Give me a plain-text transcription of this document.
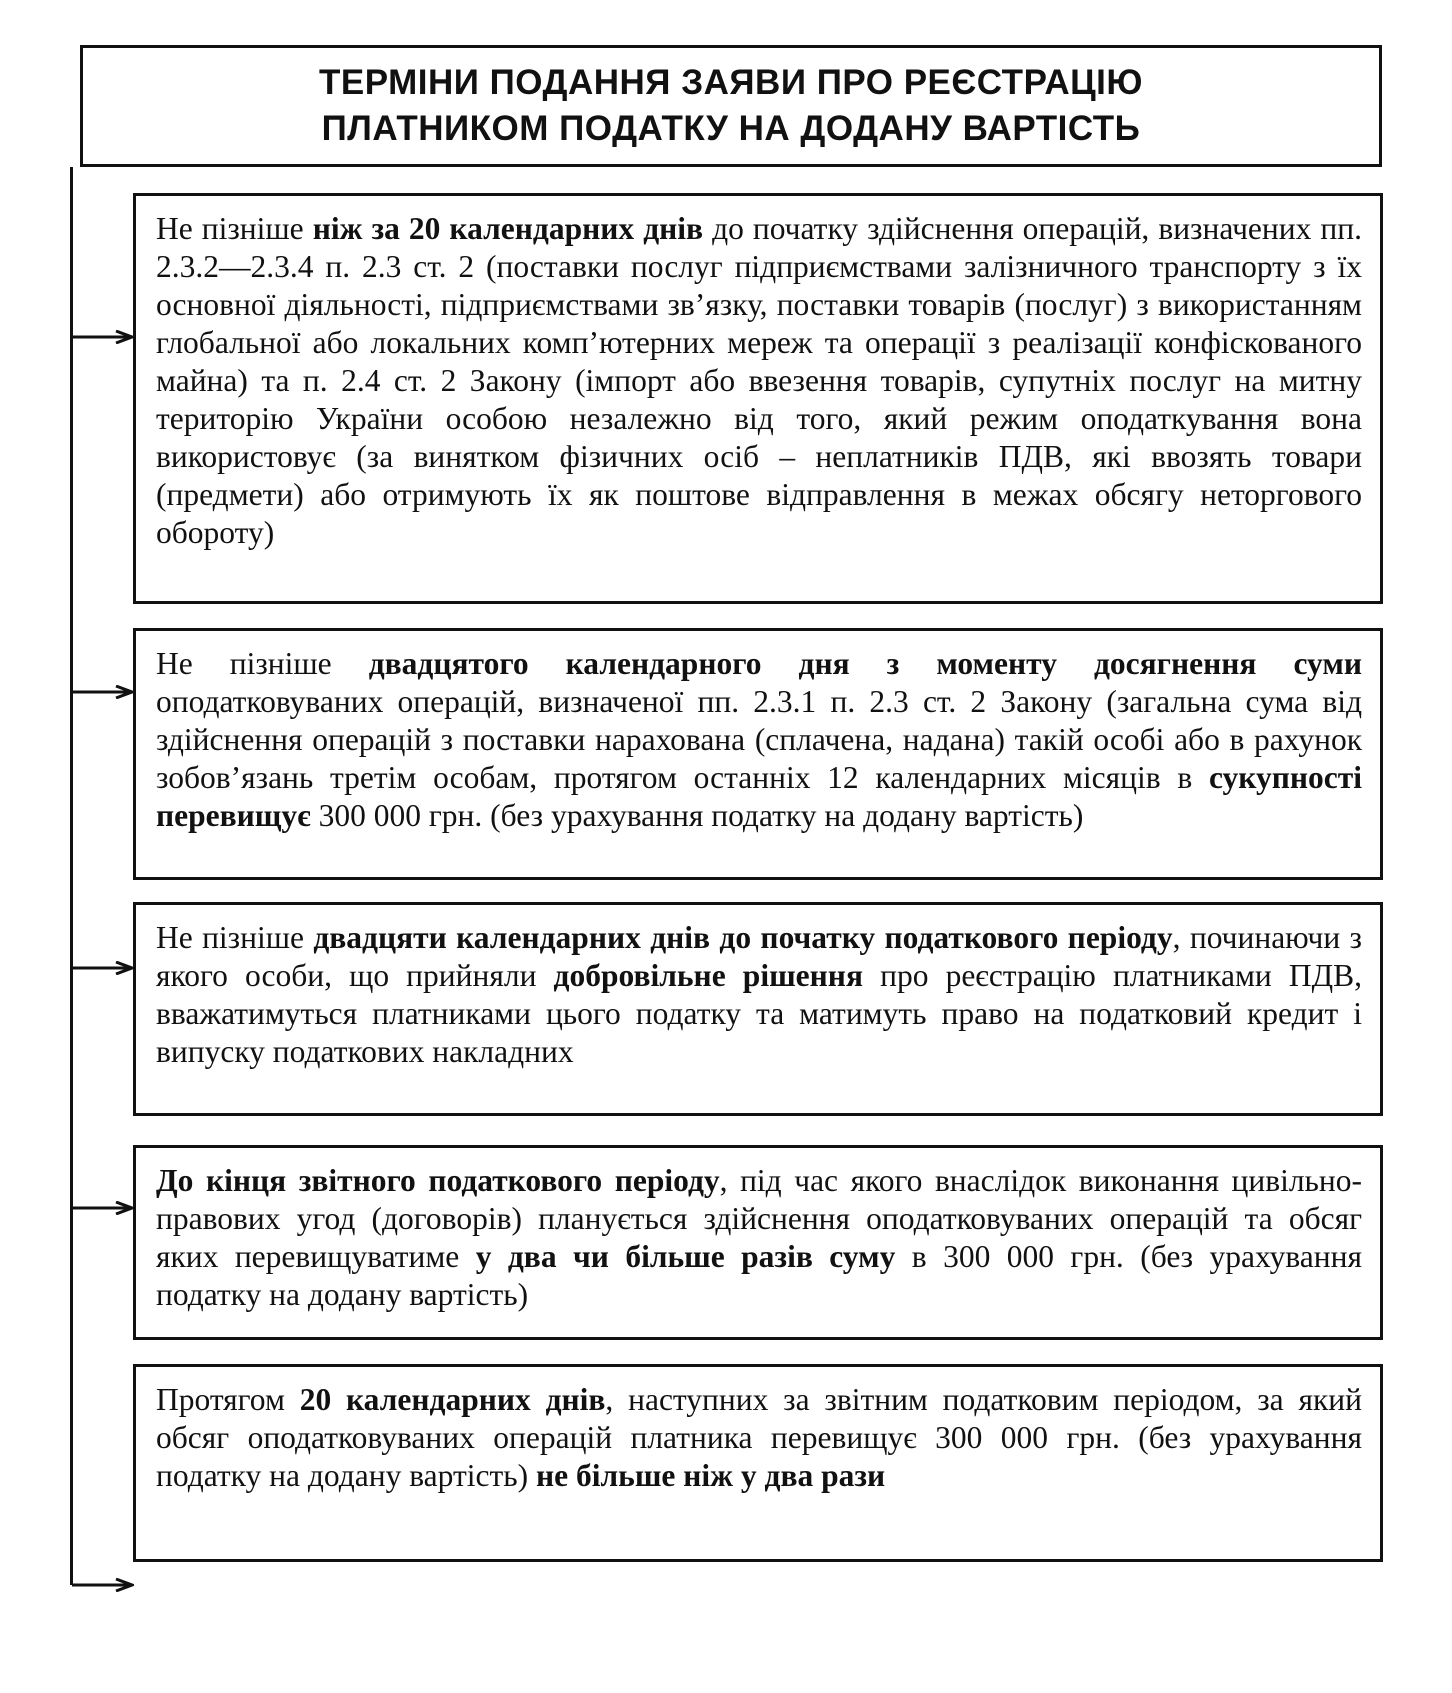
ТЕРМІНИ ПОДАННЯ ЗАЯВИ ПРО РЕЄСТРАЦІЮ
ПЛАТНИКОМ ПОДАТКУ НА ДОДАНУ ВАРТІСТЬ
Не пізніше ніж за 20 календарних днів до початку здійснення операцій, визначених пп. 2.3.2—2.3.4 п. 2.3 ст. 2 (поставки послуг підприємствами залізничного транспорту з їх основної діяльності, підприємствами зв’язку, поставки товарів (послуг) з використанням глобальної або локальних комп’ютерних мереж та операції з реалізації конфіскованого майна) та п. 2.4 ст. 2 Закону (імпорт або ввезення товарів, супутніх послуг на митну територію України особою незалежно від того, який режим оподаткування вона використовує (за винятком фізичних осіб – неплатників ПДВ, які ввозять товари (предмети) або отримують їх як поштове відправлення в межах обсягу неторгового обороту)
Не пізніше двадцятого календарного дня з моменту досягнення суми оподатковуваних операцій, визначеної пп. 2.3.1 п. 2.3 ст. 2 Закону (загальна сума від здійснення операцій з поставки нарахована (сплачена, надана) такій особі або в рахунок зобов’язань третім особам, протягом останніх 12 календарних місяців в сукупності перевищує 300 000 грн. (без урахування податку на додану вартість)
Не пізніше двадцяти календарних днів до початку податкового періоду, починаючи з якого особи, що прийняли добровільне рішення про реєстрацію платниками ПДВ, вважатимуться платниками цього податку та матимуть право на податковий кредит і випуску податкових накладних
До кінця звітного податкового періоду, під час якого внаслідок виконання цивільно-правових угод (договорів) планується здійснення оподатковуваних операцій та обсяг яких перевищуватиме у два чи більше разів суму в 300 000 грн. (без урахування податку на додану вартість)
Протягом 20 календарних днів, наступних за звітним податковим періодом, за який обсяг оподатковуваних операцій платника перевищує 300 000 грн. (без урахування податку на додану вартість) не більше ніж у два рази
